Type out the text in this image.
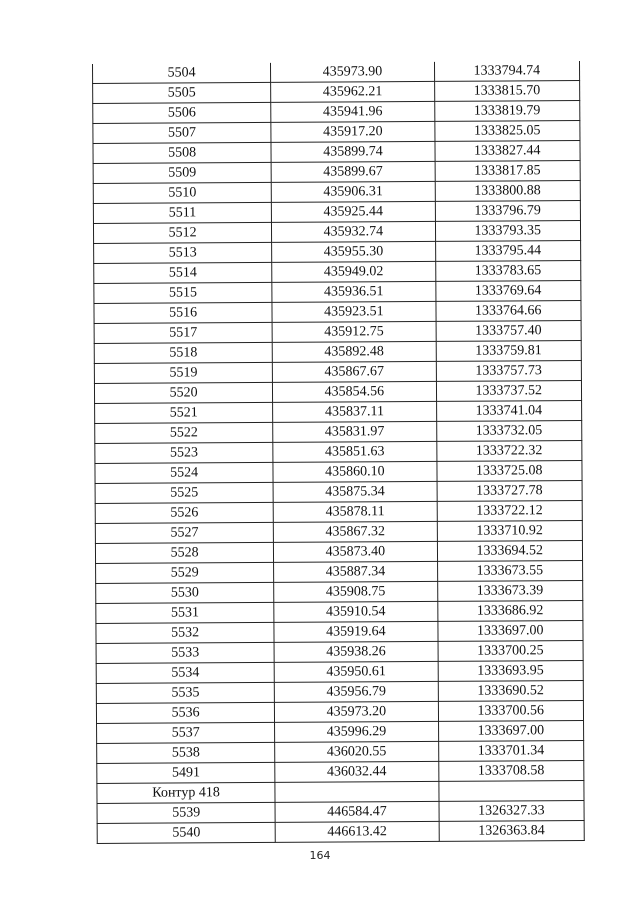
5504	435973.90	1333794.74
5505	435962.21	1333815.70
5506	435941.96	1333819.79
5507	435917.20	1333825.05
5508	435899.74	1333827.44
5509	435899.67	1333817.85
5510	435906.31	1333800.88
5511	435925.44	1333796.79
5512	435932.74	1333793.35
5513	435955.30	1333795.44
5514	435949.02	1333783.65
5515	435936.51	1333769.64
5516	435923.51	1333764.66
5517	435912.75	1333757.40
5518	435892.48	1333759.81
5519	435867.67	1333757.73
5520	435854.56	1333737.52
5521	435837.11	1333741.04
5522	435831.97	1333732.05
5523	435851.63	1333722.32
5524	435860.10	1333725.08
5525	435875.34	1333727.78
5526	435878.11	1333722.12
5527	435867.32	1333710.92
5528	435873.40	1333694.52
5529	435887.34	1333673.55
5530	435908.75	1333673.39
5531	435910.54	1333686.92
5532	435919.64	1333697.00
5533	435938.26	1333700.25
5534	435950.61	1333693.95
5535	435956.79	1333690.52
5536	435973.20	1333700.56
5537	435996.29	1333697.00
5538	436020.55	1333701.34
5491	436032.44	1333708.58
Контур 418		
5539	446584.47	1326327.33
5540	446613.42	1326363.84
164
